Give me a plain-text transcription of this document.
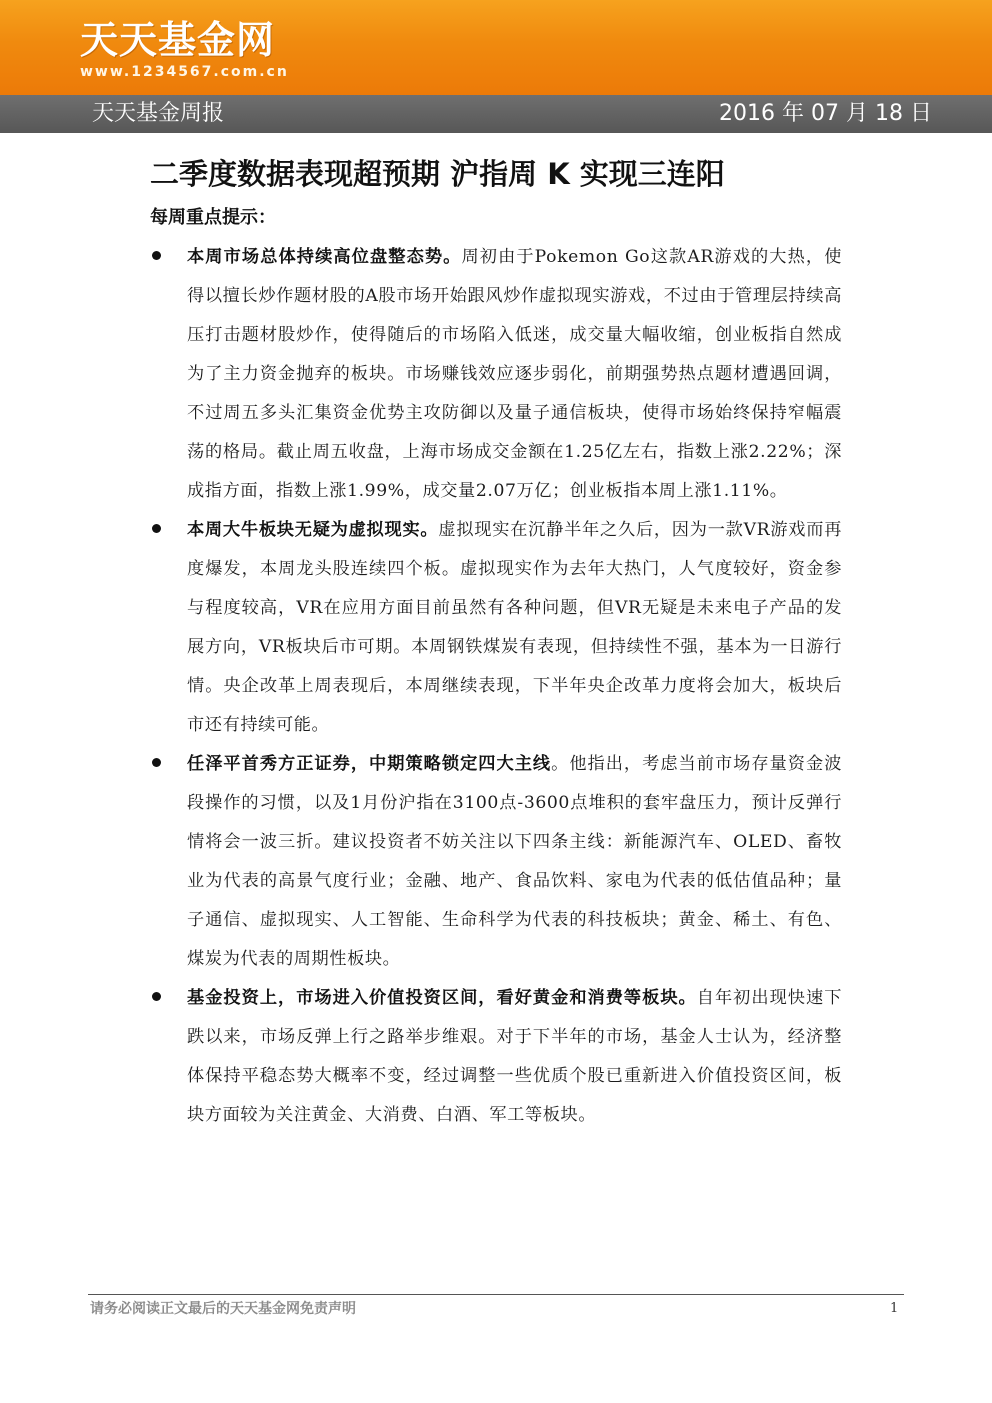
天天基金网
www.1234567.com.cn
天天基金周报	2016 年 07 月 18 日
二季度数据表现超预期 沪指周 K 实现三连阳
每周重点提示：
本周市场总体持续高位盘整态势。周初由于Pokemon Go这款AR游戏的大热，使得以擅长炒作题材股的A股市场开始跟风炒作虚拟现实游戏，不过由于管理层持续高压打击题材股炒作，使得随后的市场陷入低迷，成交量大幅收缩，创业板指自然成为了主力资金抛弃的板块。市场赚钱效应逐步弱化，前期强势热点题材遭遇回调，不过周五多头汇集资金优势主攻防御以及量子通信板块，使得市场始终保持窄幅震荡的格局。截止周五收盘，上海市场成交金额在1.25亿左右，指数上涨2.22%；深成指方面，指数上涨1.99%，成交量2.07万亿；创业板指本周上涨1.11%。
本周大牛板块无疑为虚拟现实。虚拟现实在沉静半年之久后，因为一款VR游戏而再度爆发，本周龙头股连续四个板。虚拟现实作为去年大热门，人气度较好，资金参与程度较高，VR在应用方面目前虽然有各种问题，但VR无疑是未来电子产品的发展方向，VR板块后市可期。本周钢铁煤炭有表现，但持续性不强，基本为一日游行情。央企改革上周表现后，本周继续表现，下半年央企改革力度将会加大，板块后市还有持续可能。
任泽平首秀方正证券，中期策略锁定四大主线。他指出，考虑当前市场存量资金波段操作的习惯，以及1月份沪指在3100点-3600点堆积的套牢盘压力，预计反弹行情将会一波三折。建议投资者不妨关注以下四条主线：新能源汽车、OLED、畜牧业为代表的高景气度行业；金融、地产、食品饮料、家电为代表的低估值品种；量子通信、虚拟现实、人工智能、生命科学为代表的科技板块；黄金、稀土、有色、煤炭为代表的周期性板块。
基金投资上，市场进入价值投资区间，看好黄金和消费等板块。自年初出现快速下跌以来，市场反弹上行之路举步维艰。对于下半年的市场，基金人士认为，经济整体保持平稳态势大概率不变，经过调整一些优质个股已重新进入价值投资区间，板块方面较为关注黄金、大消费、白酒、军工等板块。
请务必阅读正文最后的天天基金网免责声明	1
